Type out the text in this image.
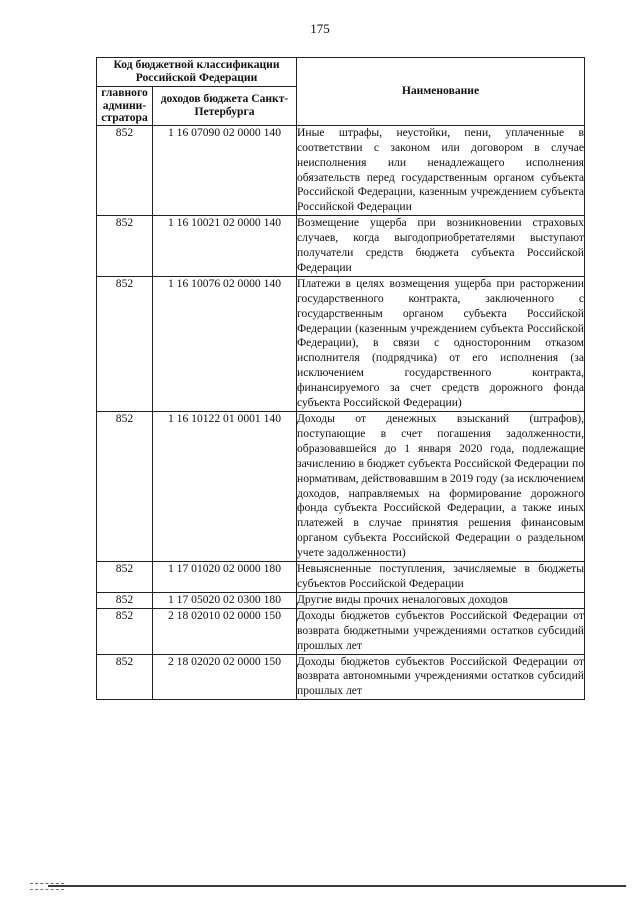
175
Код бюджетной классификации Российской Федерации		Наименование
главного админи-стратора	доходов бюджета Санкт-Петербурга	
852	1 16 07090 02 0000 140	Иные штрафы, неустойки, пени, уплаченные в соответствии с законом или договором в случае неисполнения или ненадлежащего исполнения обязательств перед государственным органом субъекта Российской Федерации, казенным учреждением субъекта Российской Федерации
852	1 16 10021 02 0000 140	Возмещение ущерба при возникновении страховых случаев, когда выгодоприобретателями выступают получатели средств бюджета субъекта Российской Федерации
852	1 16 10076 02 0000 140	Платежи в целях возмещения ущерба при расторжении государственного контракта, заключенного с государственным органом субъекта Российской Федерации (казенным учреждением субъекта Российской Федерации), в связи с односторонним отказом исполнителя (подрядчика) от его исполнения (за исключением государственного контракта, финансируемого за счет средств дорожного фонда субъекта Российской Федерации)
852	1 16 10122 01 0001 140	Доходы от денежных взысканий (штрафов), поступающие в счет погашения задолженности, образовавшейся до 1 января 2020 года, подлежащие зачислению в бюджет субъекта Российской Федерации по нормативам, действовавшим в 2019 году (за исключением доходов, направляемых на формирование дорожного фонда субъекта Российской Федерации, а также иных платежей в случае принятия решения финансовым органом субъекта Российской Федерации о раздельном учете задолженности)
852	1 17 01020 02 0000 180	Невыясненные поступления, зачисляемые в бюджеты субъектов Российской Федерации
852	1 17 05020 02 0300 180	Другие виды прочих неналоговых доходов
852	2 18 02010 02 0000 150	Доходы бюджетов субъектов Российской Федерации от возврата бюджетными учреждениями остатков субсидий прошлых лет
852	2 18 02020 02 0000 150	Доходы бюджетов субъектов Российской Федерации от возврата автономными учреждениями остатков субсидий прошлых лет
